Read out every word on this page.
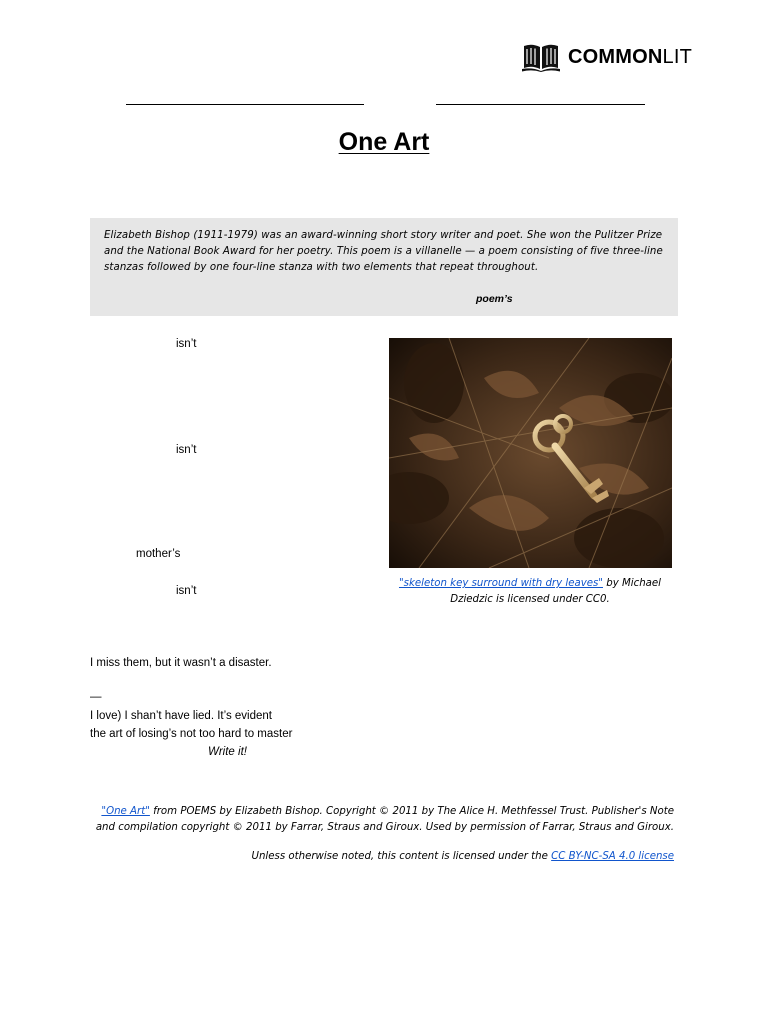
COMMONLIT
One Art

Elizabeth Bishop (1911-1979) was an award-winning short story writer and poet. She won the Pulitzer Prize and the National Book Award for her poetry. This poem is a villanelle — a poem consisting of five three-line stanzas followed by one four-line stanza with two elements that repeat throughout.

poem’s
isn’t
isn’t
mother’s
isn’t
"skeleton key surround with dry leaves" by Michael Dziedzic is licensed under CC0.
I miss them, but it wasn’t a disaster.
—
I love) I shan’t have lied. It’s evident
the art of losing’s not too hard to master
Write it!
"One Art" from POEMS by Elizabeth Bishop. Copyright © 2011 by The Alice H. Methfessel Trust. Publisher's Note and compilation copyright © 2011 by Farrar, Straus and Giroux. Used by permission of Farrar, Straus and Giroux.
Unless otherwise noted, this content is licensed under the CC BY-NC-SA 4.0 license
